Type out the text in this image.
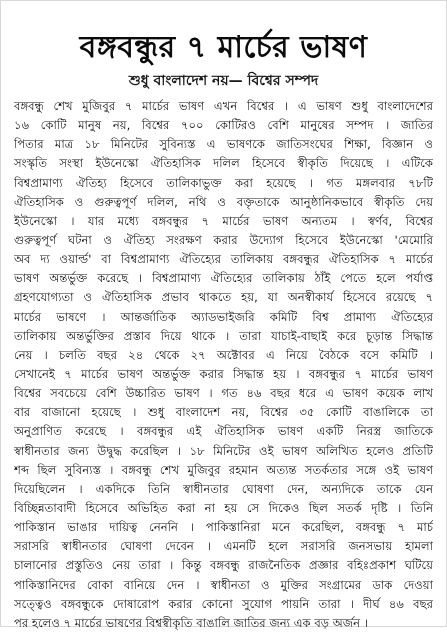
বঙ্গবন্ধুর ৭ মার্চের ভাষণ
শুধু বাংলাদেশ নয়— বিশ্বের সম্পদ
বঙ্গবন্ধু শেখ মুজিবুর ৭ মার্চের ভাষণ এখন বিশ্বের । এ ভাষণ শুধু বাংলাদেশের
১৬ কোটি মানুষ নয়, বিশ্বের ৭০০ কোটিরও বেশি মানুষের সম্পদ । জাতির
পিতার মাত্র ১৮ মিনিটের সুবিন্যস্ত এ ভাষণকে জাতিসংঘের শিক্ষা, বিজ্ঞান ও
সংস্কৃতি সংস্থা ইউনেস্কো ঐতিহাসিক দলিল হিসেবে স্বীকৃতি দিয়েছে । এটিকে
বিশ্বপ্রামাণ্য ঐতিহ্য হিসেবে তালিকাভুক্ত করা হয়েছে । গত মঙ্গলবার ৭৮টি
ঐতিহাসিক ও গুরুত্বপূর্ণ দলিল, নথি ও বক্তৃতাকে আনুষ্ঠানিকভাবে স্বীকৃতি দেয়
ইউনেস্কো । যার মধ্যে বঙ্গবন্ধুর ৭ মার্চের ভাষণ অন্যতম । স্বর্ণব, বিশ্বের
গুরুত্বপূর্ণ ঘটনা ও ঐতিহ্য সংরক্ষণ করার উদ্যোগ হিসেবে ইউনেস্কো 'মেমোরি
অব দ্য ওয়ার্ল্ড' বা বিশ্বপ্রামাণ্য ঐতিহ্যের তালিকায় বঙ্গবন্ধুর ঐতিহাসিক ৭ মার্চের
ভাষণ অন্তর্ভুক্ত করেছে । বিশ্বপ্রামাণ্য ঐতিহ্যের তালিকায় ঠাঁই পেতে হলে পর্যাপ্ত
গ্রহণযোগ্যতা ও ঐতিহাসিক প্রভাব থাকতে হয়, যা অনস্বীকার্য হিসেবে রয়েছে ৭
মার্চের ভাষণে । আন্তর্জাতিক অ্যাডভাইজরি কমিটি বিশ্ব প্রামাণ্য ঐতিহ্যের
তালিকায় অন্তর্ভুক্তির প্রস্তাব দিয়ে থাকে । তারা যাচাই-বাছাই করে চূড়ান্ত সিদ্ধান্ত
নেয় । চলতি বছর ২৪ থেকে ২৭ অক্টোবর এ নিয়ে বৈঠকে বসে কমিটি ।
সেখানেই ৭ মার্চের ভাষণ অন্তর্ভুক্ত করার সিদ্ধান্ত হয় । বঙ্গবন্ধুর ৭ মার্চের ভাষণ
বিশ্বের সবচেয়ে বেশি উচ্চারিত ভাষণ । গত ৪৬ বছর ধরে এ ভাষণ কয়েক লাখ
বার বাজানো হয়েছে । শুধু বাংলাদেশ নয়, বিশ্বের ৩৫ কোটি বাঙালিকে তা
অনুপ্রাণিত করেছে । বঙ্গবন্ধুর এই ঐতিহাসিক ভাষণ একটি নিরস্ত্র জাতিকে
স্বাধীনতার জন্য উদ্বুদ্ধ করেছিল । ১৮ মিনিটের ওই ভাষণ অলিখিত হলেও প্রতিটি
শব্দ ছিল সুবিন্যস্ত । বঙ্গবন্ধু শেখ মুজিবুর রহমান অত্যন্ত সতর্কতার সঙ্গে ওই ভাষণ
দিয়েছিলেন । একদিকে তিনি স্বাধীনতার ঘোষণা দেন, অন্যদিকে তাকে যেন
বিচ্ছিন্নতাবাদী হিসেবে অভিহিত করা না হয় সে দিকেও ছিল সতর্ক দৃষ্টি । তিনি
পাকিস্তান ভাঙার দায়িত্ব নেননি । পাকিস্তানিরা মনে করেছিল, বঙ্গবন্ধু ৭ মার্চ
সরাসরি স্বাধীনতার ঘোষণা দেবেন । এমনটি হলে সরাসরি জনসভায় হামলা
চালানোর প্রস্তুতিও নেয় তারা । কিন্তু বঙ্গবন্ধু রাজনৈতিক প্রজ্ঞার বহিঃপ্রকাশ ঘটিয়ে
পাকিস্তানিদের বোকা বানিয়ে দেন । স্বাধীনতা ও মুক্তির সংগ্রামের ডাক দেওয়া
সত্ত্বেও বঙ্গবন্ধুকে দোষারোপ করার কোনো সুযোগ পায়নি তারা । দীর্ঘ ৪৬ বছর
পর হলেও ৭ মার্চের ভাষণের বিশ্বস্বীকৃতি বাঙালি জাতির জন্য এক বড় অর্জন ।
